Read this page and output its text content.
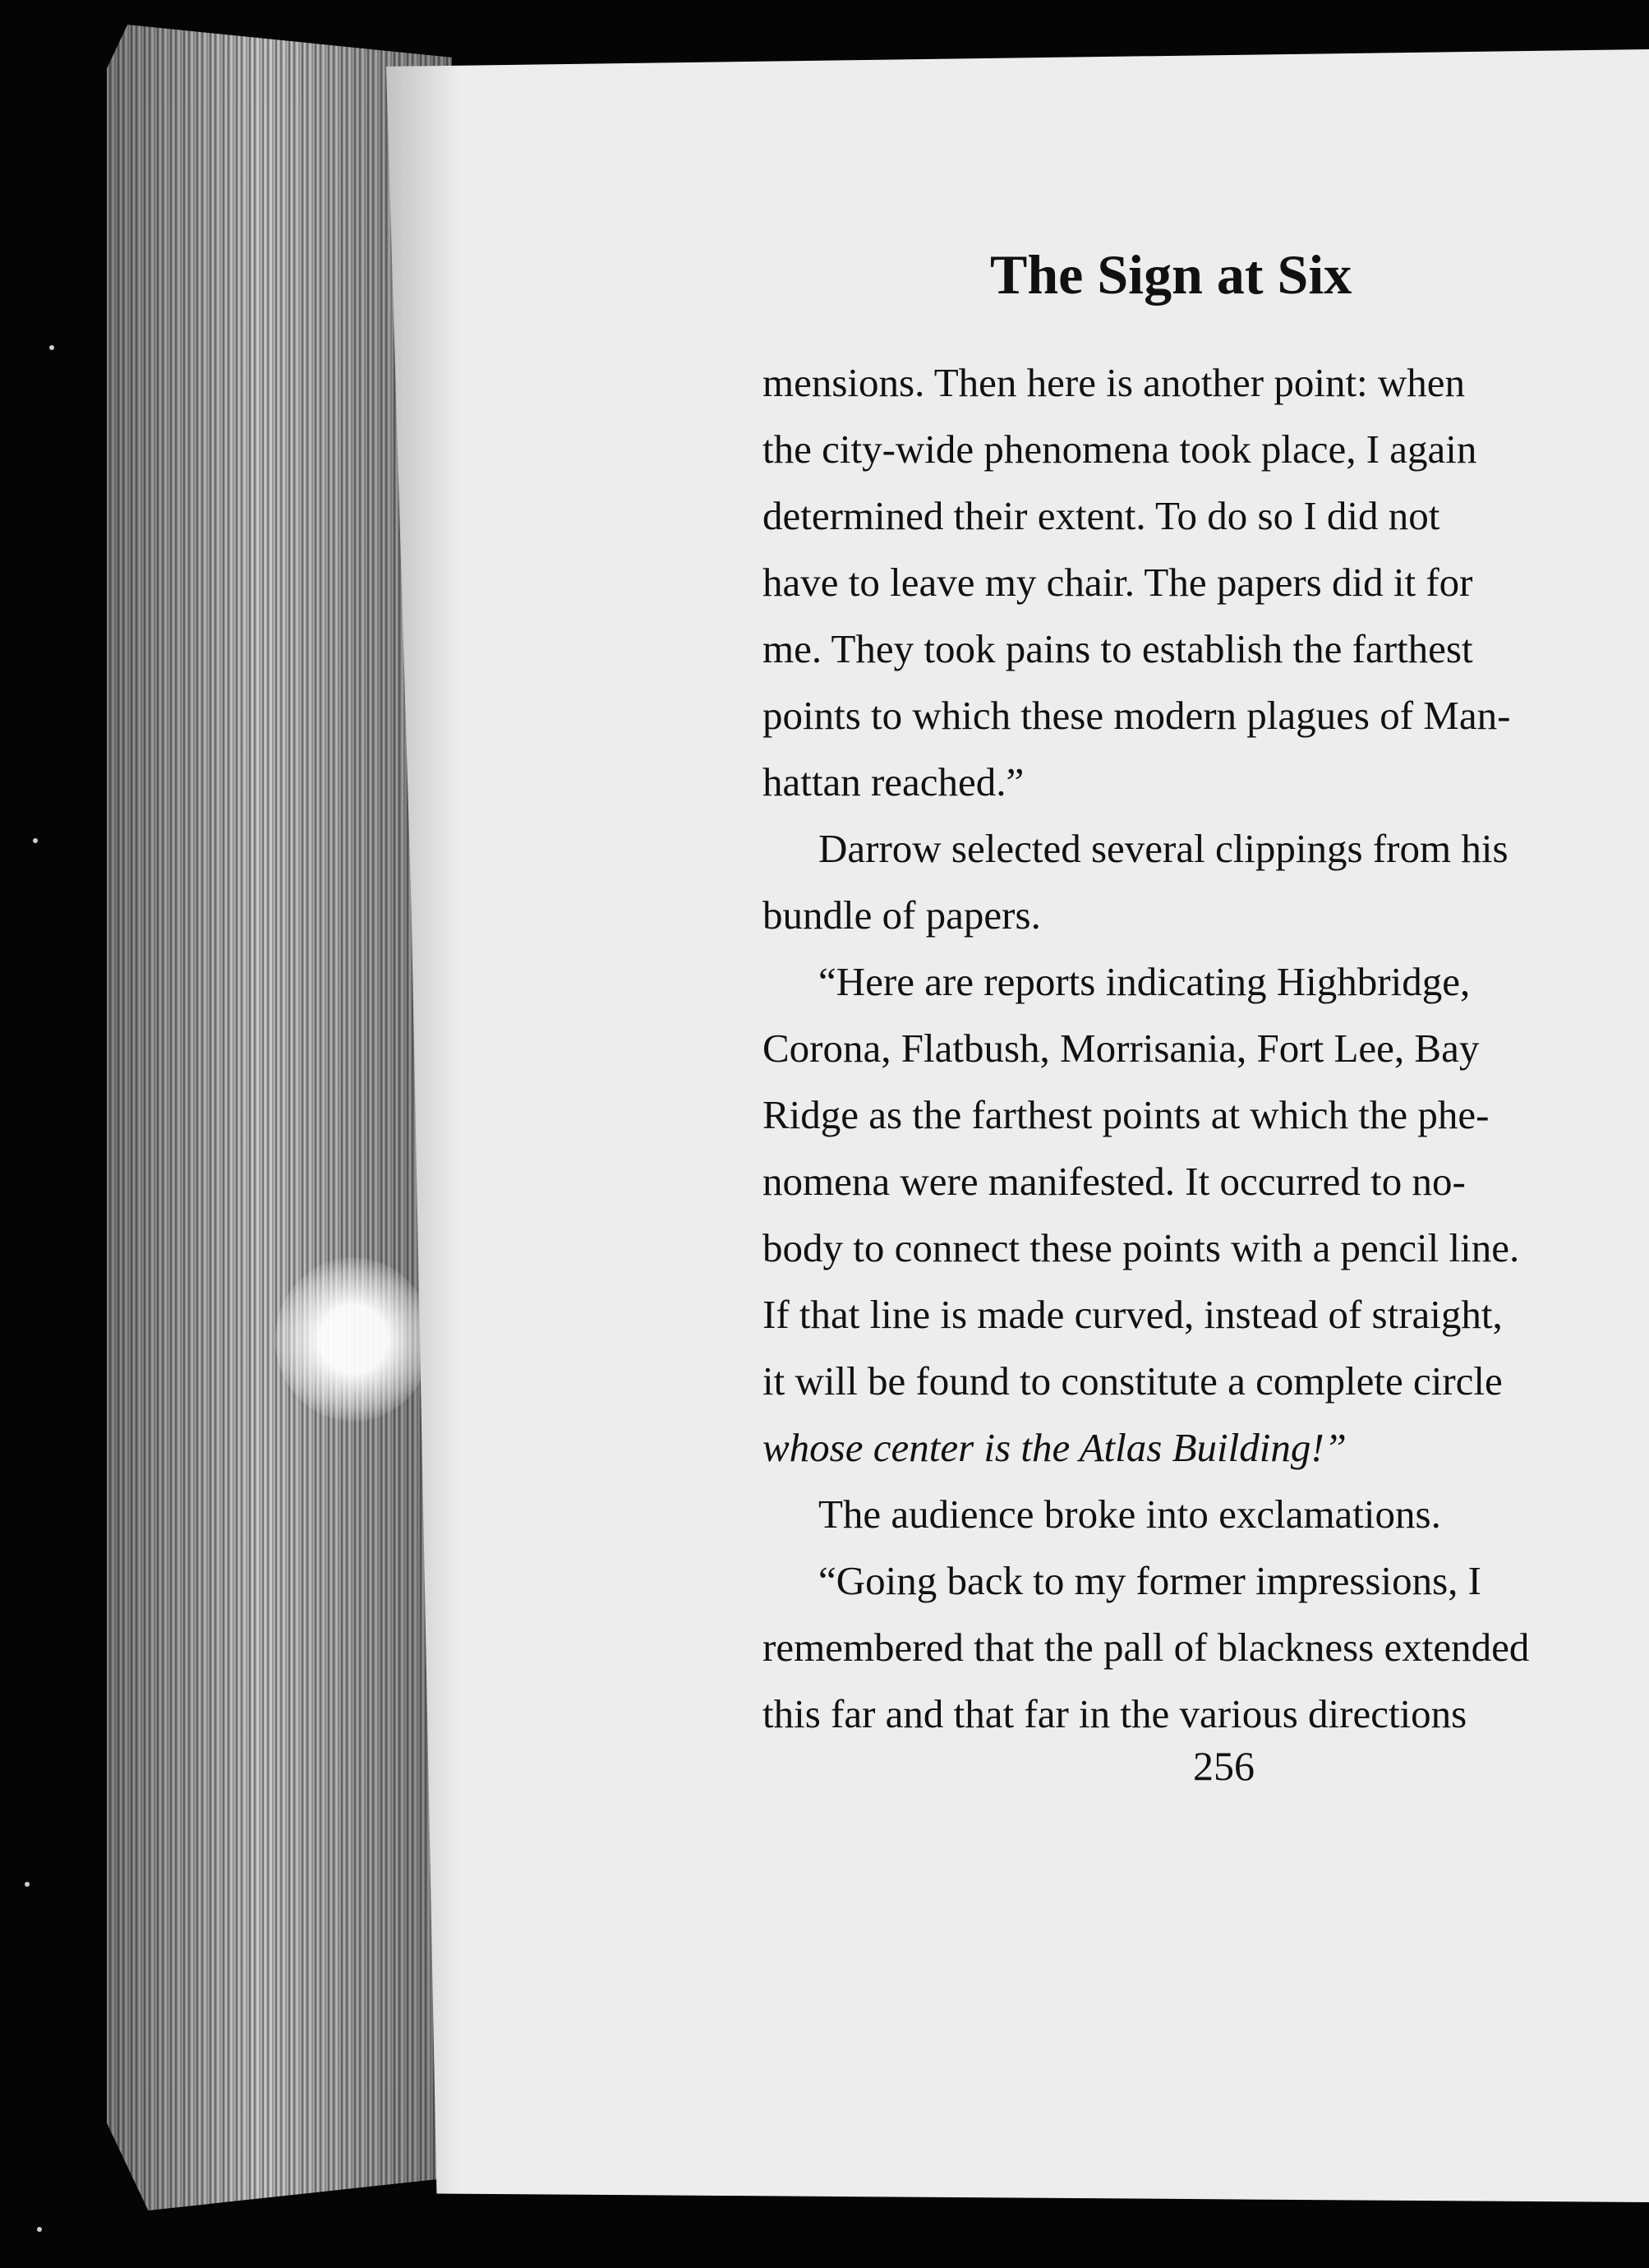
The Sign at Six

mensions. Then here is another point: when

the city-wide phenomena took place, I again

determined their extent. To do so I did not

have to leave my chair. The papers did it for

me. They took pains to establish the farthest

points to which these modern plagues of Man-

hattan reached.”

Darrow selected several clippings from his

bundle of papers.

“Here are reports indicating Highbridge,

Corona, Flatbush, Morrisania, Fort Lee, Bay

Ridge as the farthest points at which the phe-

nomena were manifested. It occurred to no-

body to connect these points with a pencil line.

If that line is made curved, instead of straight,

it will be found to constitute a complete circle

whose center is the Atlas Building!”

The audience broke into exclamations.

“Going back to my former impressions, I

remembered that the pall of blackness extended

this far and that far in the various directions

256
